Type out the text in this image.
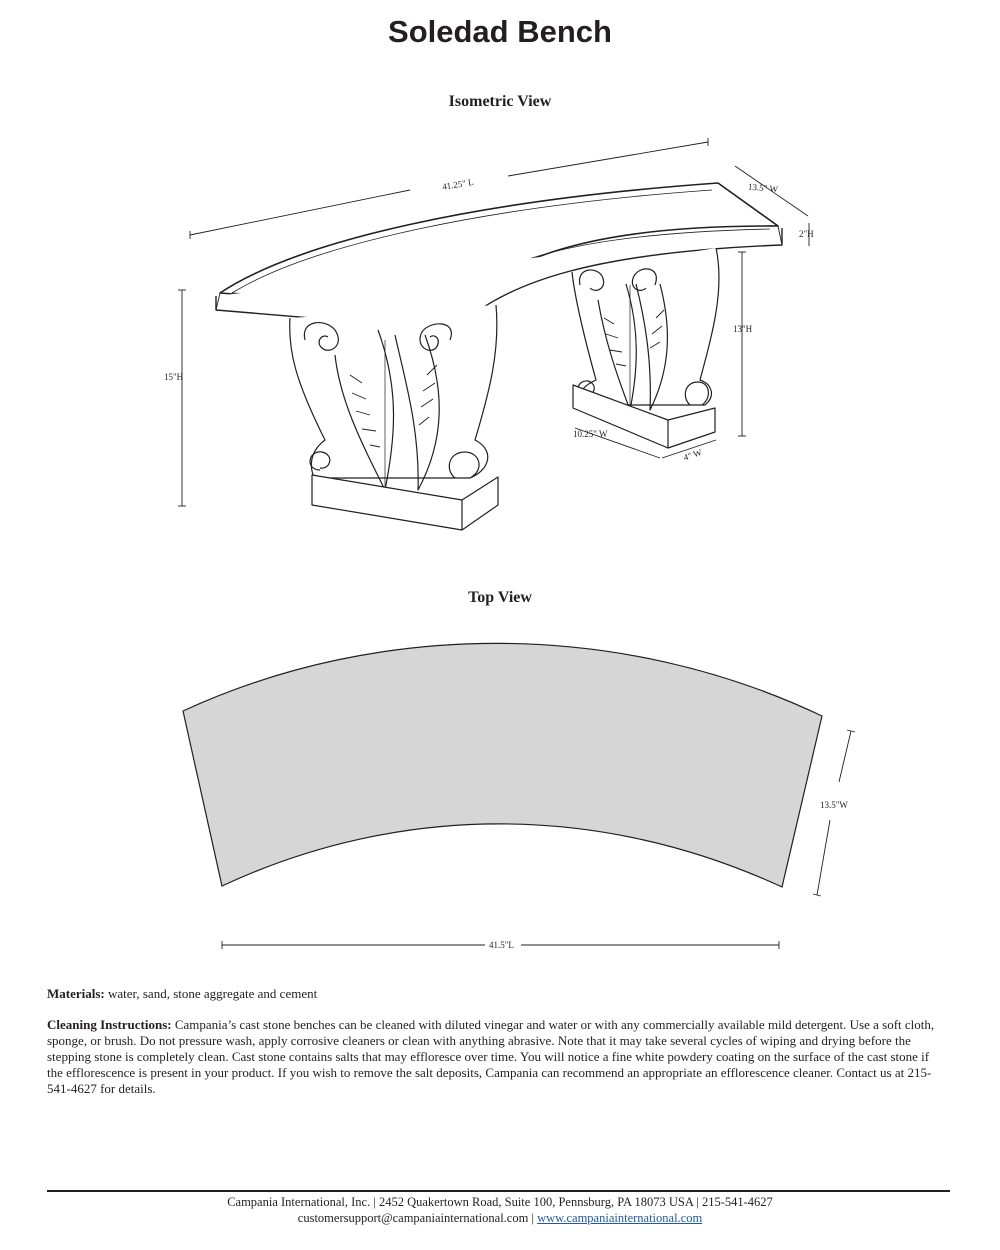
Soledad Bench
Isometric View
Top View
41.25" L	13.5" W
2"H
13"H
15"H
10.25" W
4" W
13.5"W
41.5"L
Materials: water, sand, stone aggregate and cement
Cleaning Instructions: Campania’s cast stone benches can be cleaned with diluted vinegar and water or with any commercially available mild detergent. Use a soft cloth, sponge, or brush. Do not pressure wash, apply corrosive cleaners or clean with anything abrasive. Note that it may take several cycles of wiping and drying before the stepping stone is completely clean. Cast stone contains salts that may effloresce over time. You will notice a fine white powdery coating on the surface of the cast stone if the efflorescence is present in your product. If you wish to remove the salt deposits, Campania can recommend an appropriate an efflorescence cleaner. Contact us at 215-541-4627 for details.
Campania International, Inc. | 2452 Quakertown Road, Suite 100, Pennsburg, PA 18073 USA | 215-541-4627
customersupport@campaniainternational.com | www.campaniainternational.com
